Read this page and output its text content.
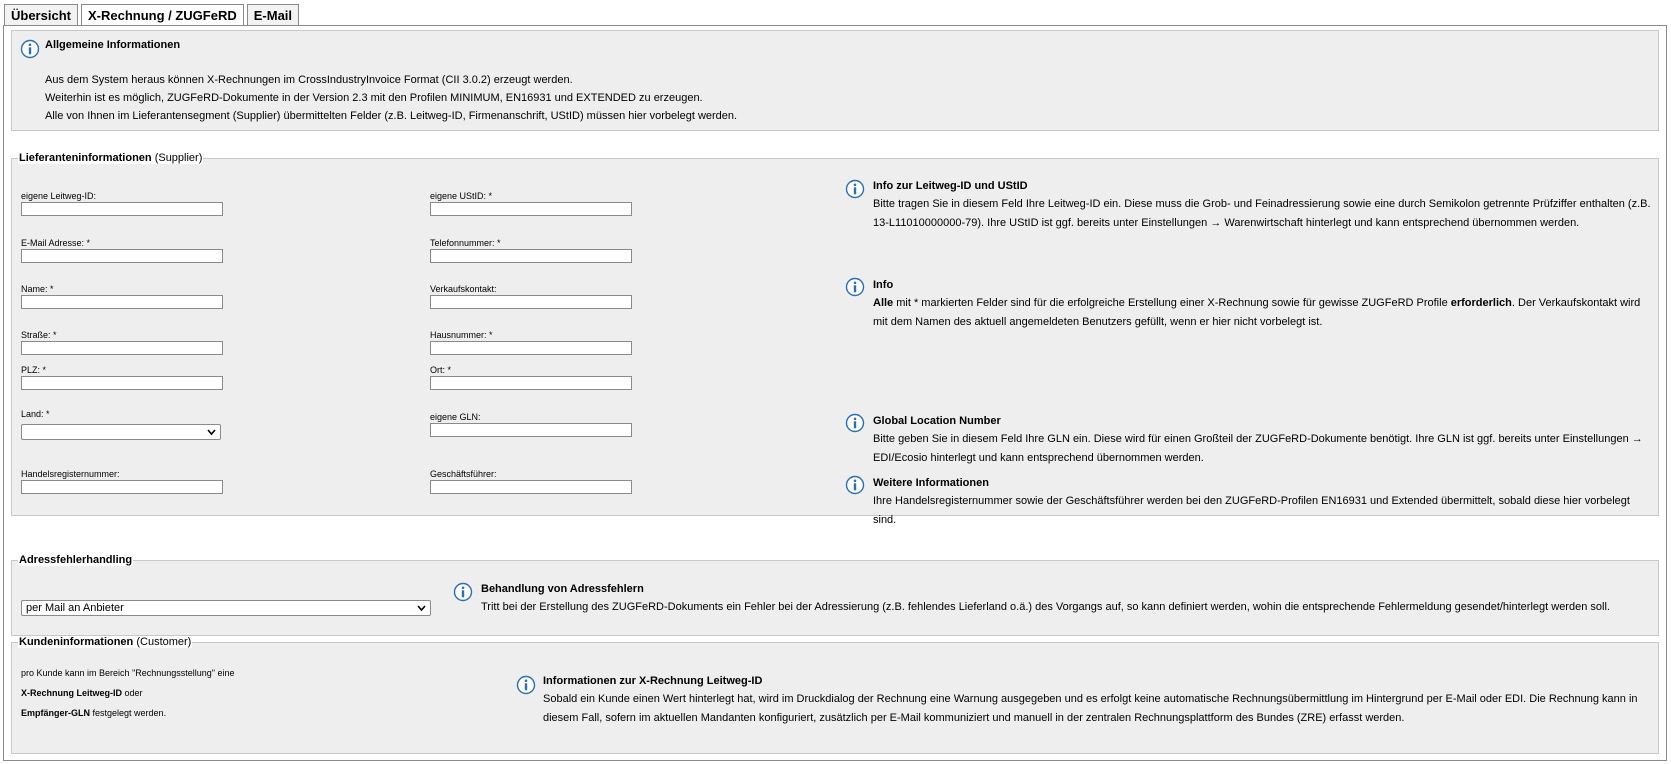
Übersicht	X-Rechnung / ZUGFeRD	E-Mail
Allgemeine Informationen
Aus dem System heraus können X-Rechnungen im CrossIndustryInvoice Format (CII 3.0.2) erzeugt werden.
Weiterhin ist es möglich, ZUGFeRD-Dokumente in der Version 2.3 mit den Profilen MINIMUM, EN16931 und EXTENDED zu erzeugen.
Alle von Ihnen im Lieferantensegment (Supplier) übermittelten Felder (z.B. Leitweg-ID, Firmenanschrift, UStID) müssen hier vorbelegt werden.
Lieferanteninformationen (Supplier)
eigene Leitweg-ID:
E-Mail Adresse: *
Name: *
Straße: *
PLZ: *
Land: *
Handelsregisternummer:
eigene UStID: *
Telefonnummer: *
Verkaufskontakt:
Hausnummer: *
Ort: *
eigene GLN:
Geschäftsführer:
Info zur Leitweg-ID und UStID
Bitte tragen Sie in diesem Feld Ihre Leitweg-ID ein. Diese muss die Grob- und Feinadressierung sowie eine durch Semikolon getrennte Prüfziffer enthalten (z.B.
13-L11010000000-79). Ihre UStID ist ggf. bereits unter Einstellungen → Warenwirtschaft hinterlegt und kann entsprechend übernommen werden.
Info
Alle mit * markierten Felder sind für die erfolgreiche Erstellung einer X-Rechnung sowie für gewisse ZUGFeRD Profile erforderlich. Der Verkaufskontakt wird
mit dem Namen des aktuell angemeldeten Benutzers gefüllt, wenn er hier nicht vorbelegt ist.
Global Location Number
Bitte geben Sie in diesem Feld Ihre GLN ein. Diese wird für einen Großteil der ZUGFeRD-Dokumente benötigt. Ihre GLN ist ggf. bereits unter Einstellungen →
EDI/Ecosio hinterlegt und kann entsprechend übernommen werden.
Weitere Informationen
Ihre Handelsregisternummer sowie der Geschäftsführer werden bei den ZUGFeRD-Profilen EN16931 und Extended übermittelt, sobald diese hier vorbelegt
sind.
Adressfehlerhandling
per Mail an Anbieter
Behandlung von Adressfehlern
Tritt bei der Erstellung des ZUGFeRD-Dokuments ein Fehler bei der Adressierung (z.B. fehlendes Lieferland o.ä.) des Vorgangs auf, so kann definiert werden, wohin die entsprechende Fehlermeldung gesendet/hinterlegt werden soll.
Kundeninformationen (Customer)
pro Kunde kann im Bereich "Rechnungsstellung" eine
X-Rechnung Leitweg-ID oder
Empfänger-GLN festgelegt werden.
Informationen zur X-Rechnung Leitweg-ID
Sobald ein Kunde einen Wert hinterlegt hat, wird im Druckdialog der Rechnung eine Warnung ausgegeben und es erfolgt keine automatische Rechnungsübermittlung im Hintergrund per E-Mail oder EDI. Die Rechnung kann in
diesem Fall, sofern im aktuellen Mandanten konfiguriert, zusätzlich per E-Mail kommuniziert und manuell in der zentralen Rechnungsplattform des Bundes (ZRE) erfasst werden.
